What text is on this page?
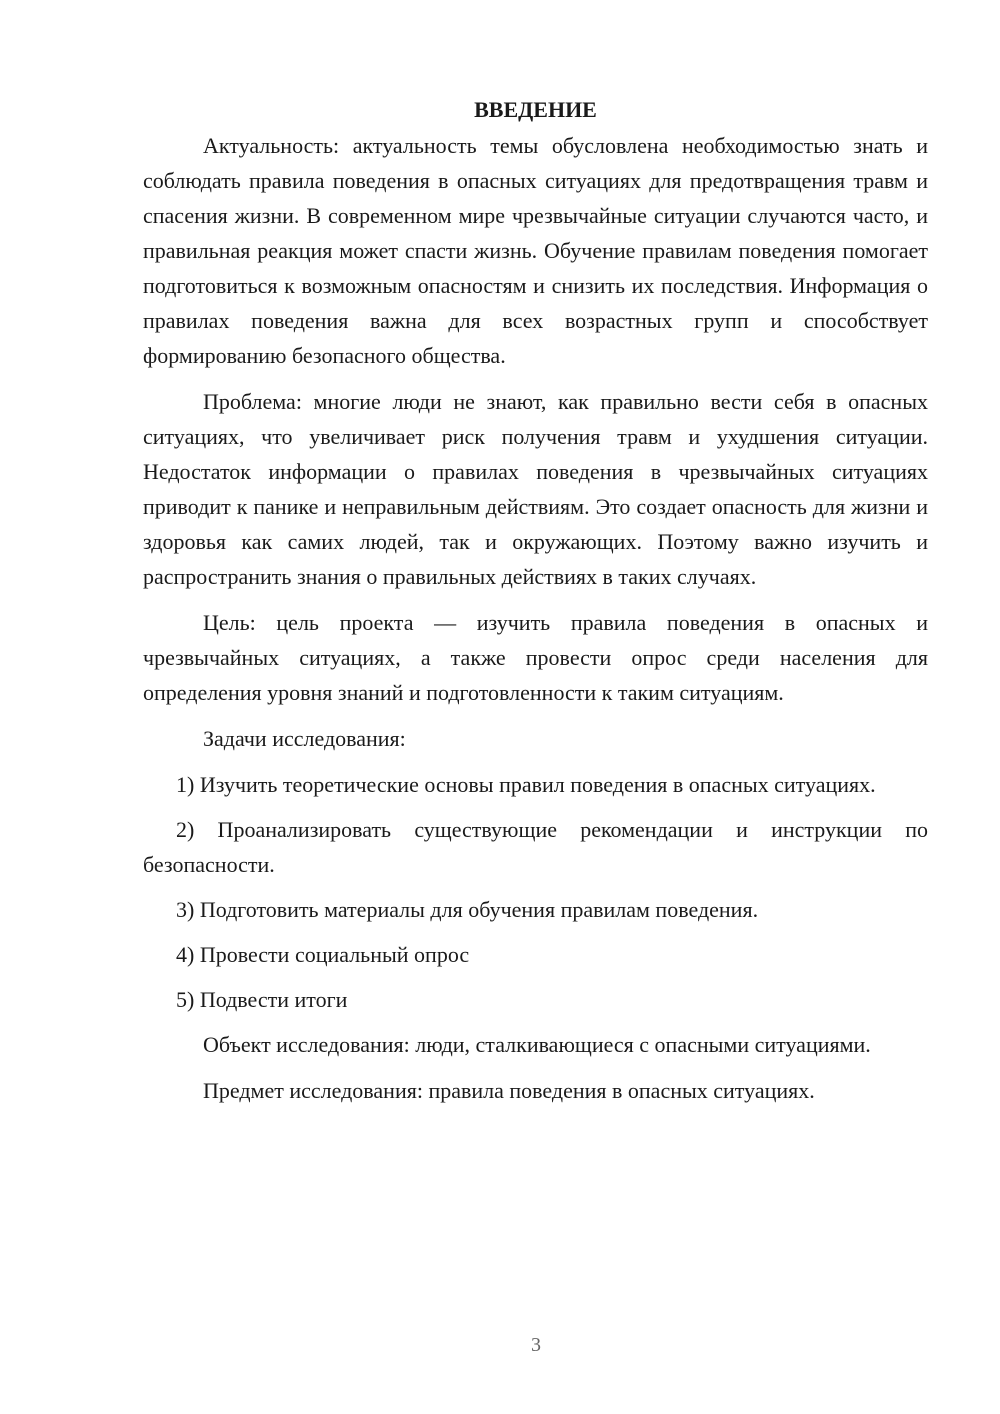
ВВЕДЕНИЕ

Актуальность: актуальность темы обусловлена необходимостью знать и соблюдать правила поведения в опасных ситуациях для предотвращения травм и спасения жизни. В современном мире чрезвычайные ситуации случаются часто, и правильная реакция может спасти жизнь. Обучение правилам поведения помогает подготовиться к возможным опасностям и снизить их последствия. Информация о правилах поведения важна для всех возрастных групп и способствует формированию безопасного общества.

Проблема: многие люди не знают, как правильно вести себя в опасных ситуациях, что увеличивает риск получения травм и ухудшения ситуации. Недостаток информации о правилах поведения в чрезвычайных ситуациях приводит к панике и неправильным действиям. Это создает опасность для жизни и здоровья как самих людей, так и окружающих. Поэтому важно изучить и распространить знания о правильных действиях в таких случаях.

Цель: цель проекта — изучить правила поведения в опасных и чрезвычайных ситуациях, а также провести опрос среди населения для определения уровня знаний и подготовленности к таким ситуациям.

Задачи исследования:

1) Изучить теоретические основы правил поведения в опасных ситуациях.

2) Проанализировать существующие рекомендации и инструкции по безопасности.

3) Подготовить материалы для обучения правилам поведения.

4) Провести социальный опрос

5) Подвести итоги

Объект исследования: люди, сталкивающиеся с опасными ситуациями.

Предмет исследования: правила поведения в опасных ситуациях.

3
